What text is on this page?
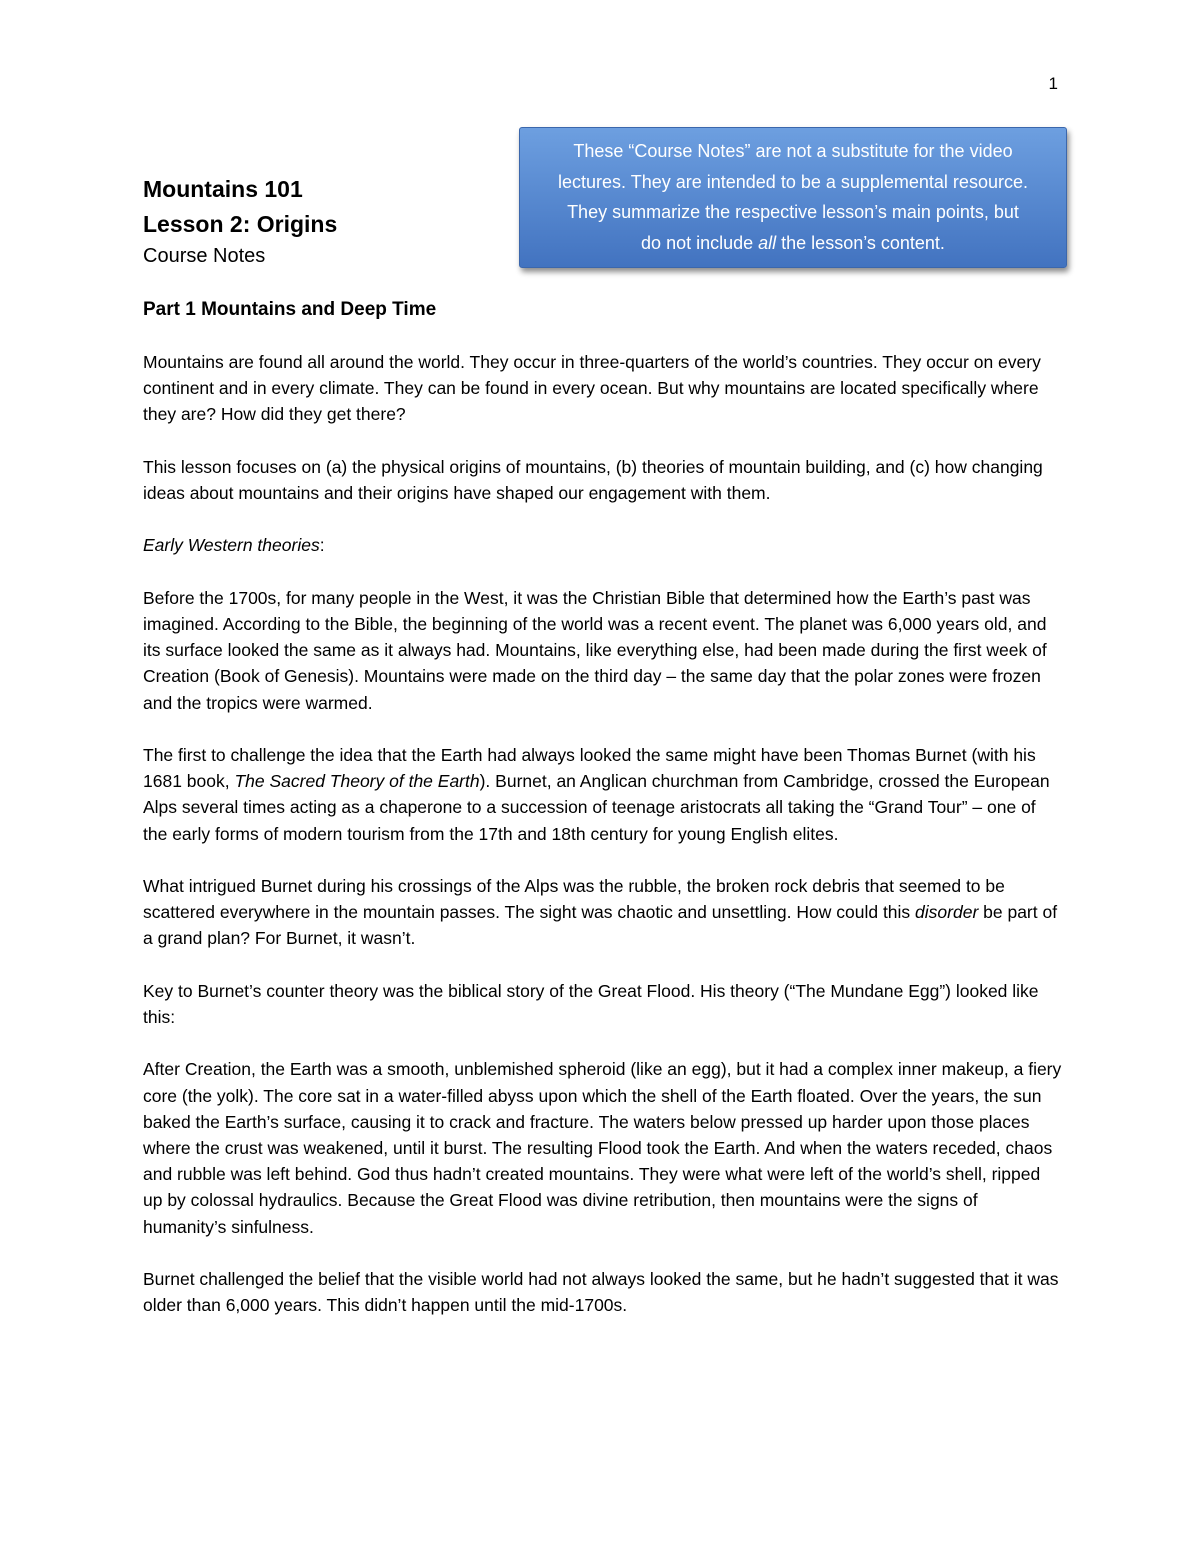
1
Mountains 101
Lesson 2: Origins
Course Notes
These “Course Notes” are not a substitute for the video
lectures. They are intended to be a supplemental resource.
They summarize the respective lesson’s main points, but
do not include all the lesson’s content.

Part 1 Mountains and Deep Time

Mountains are found all around the world. They occur in three-quarters of the world’s countries. They occur on every continent and in every climate. They can be found in every ocean. But why mountains are located specifically where they are? How did they get there?

This lesson focuses on (a) the physical origins of mountains, (b) theories of mountain building, and (c) how changing ideas about mountains and their origins have shaped our engagement with them.

Early Western theories:

Before the 1700s, for many people in the West, it was the Christian Bible that determined how the Earth’s past was imagined. According to the Bible, the beginning of the world was a recent event. The planet was 6,000 years old, and its surface looked the same as it always had. Mountains, like everything else, had been made during the first week of Creation (Book of Genesis). Mountains were made on the third day – the same day that the polar zones were frozen and the tropics were warmed.

The first to challenge the idea that the Earth had always looked the same might have been Thomas Burnet (with his 1681 book, The Sacred Theory of the Earth). Burnet, an Anglican churchman from Cambridge, crossed the European Alps several times acting as a chaperone to a succession of teenage aristocrats all taking the “Grand Tour” – one of the early forms of modern tourism from the 17th and 18th century for young English elites.

What intrigued Burnet during his crossings of the Alps was the rubble, the broken rock debris that seemed to be scattered everywhere in the mountain passes. The sight was chaotic and unsettling. How could this disorder be part of a grand plan? For Burnet, it wasn’t.

Key to Burnet’s counter theory was the biblical story of the Great Flood. His theory (“The Mundane Egg”) looked like this:

After Creation, the Earth was a smooth, unblemished spheroid (like an egg), but it had a complex inner makeup, a fiery core (the yolk). The core sat in a water-filled abyss upon which the shell of the Earth floated. Over the years, the sun baked the Earth’s surface, causing it to crack and fracture. The waters below pressed up harder upon those places where the crust was weakened, until it burst. The resulting Flood took the Earth. And when the waters receded, chaos and rubble was left behind. God thus hadn’t created mountains. They were what were left of the world’s shell, ripped up by colossal hydraulics. Because the Great Flood was divine retribution, then mountains were the signs of humanity’s sinfulness.

Burnet challenged the belief that the visible world had not always looked the same, but he hadn’t suggested that it was older than 6,000 years. This didn’t happen until the mid-1700s.
